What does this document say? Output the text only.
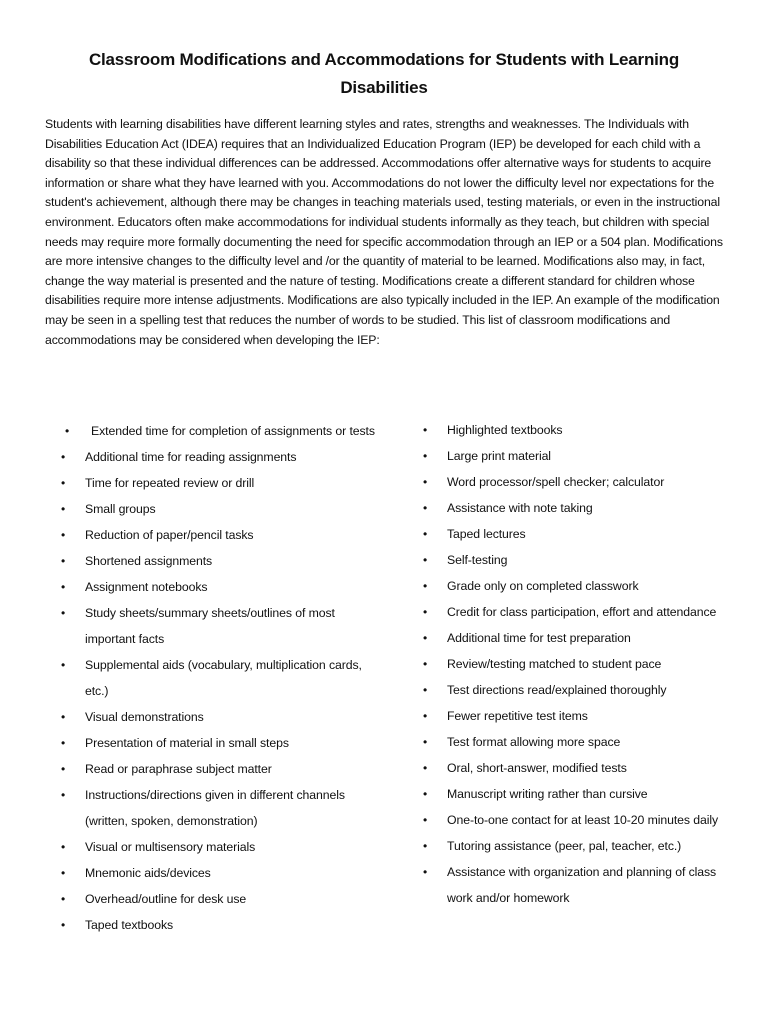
Classroom Modifications and Accommodations for Students with Learning Disabilities

Students with learning disabilities have different learning styles and rates, strengths and weaknesses. The Individuals with Disabilities Education Act (IDEA) requires that an Individualized Education Program (IEP) be developed for each child with a disability so that these individual differences can be addressed. Accommodations offer alternative ways for students to acquire information or share what they have learned with you. Accommodations do not lower the difficulty level nor expectations for the student's achievement, although there may be changes in teaching materials used, testing materials, or even in the instructional environment. Educators often make accommodations for individual students informally as they teach, but children with special needs may require more formally documenting the need for specific accommodation through an IEP or a 504 plan. Modifications are more intensive changes to the difficulty level and /or the quantity of material to be learned. Modifications also may, in fact, change the way material is presented and the nature of testing. Modifications create a different standard for children whose disabilities require more intense adjustments. Modifications are also typically included in the IEP. An example of the modification may be seen in a spelling test that reduces the number of words to be studied. This list of classroom modifications and accommodations may be considered when developing the IEP:

• Extended time for completion of assignments or tests
• Additional time for reading assignments
• Time for repeated review or drill
• Small groups
• Reduction of paper/pencil tasks
• Shortened assignments
• Assignment notebooks
• Study sheets/summary sheets/outlines of most important facts
• Supplemental aids (vocabulary, multiplication cards, etc.)
• Visual demonstrations
• Presentation of material in small steps
• Read or paraphrase subject matter
• Instructions/directions given in different channels (written, spoken, demonstration)
• Visual or multisensory materials
• Mnemonic aids/devices
• Overhead/outline for desk use
• Taped textbooks
• Highlighted textbooks
• Large print material
• Word processor/spell checker; calculator
• Assistance with note taking
• Taped lectures
• Self-testing
• Grade only on completed classwork
• Credit for class participation, effort and attendance
• Additional time for test preparation
• Review/testing matched to student pace
• Test directions read/explained thoroughly
• Fewer repetitive test items
• Test format allowing more space
• Oral, short-answer, modified tests
• Manuscript writing rather than cursive
• One-to-one contact for at least 10-20 minutes daily
• Tutoring assistance (peer, pal, teacher, etc.)
• Assistance with organization and planning of class work and/or homework
